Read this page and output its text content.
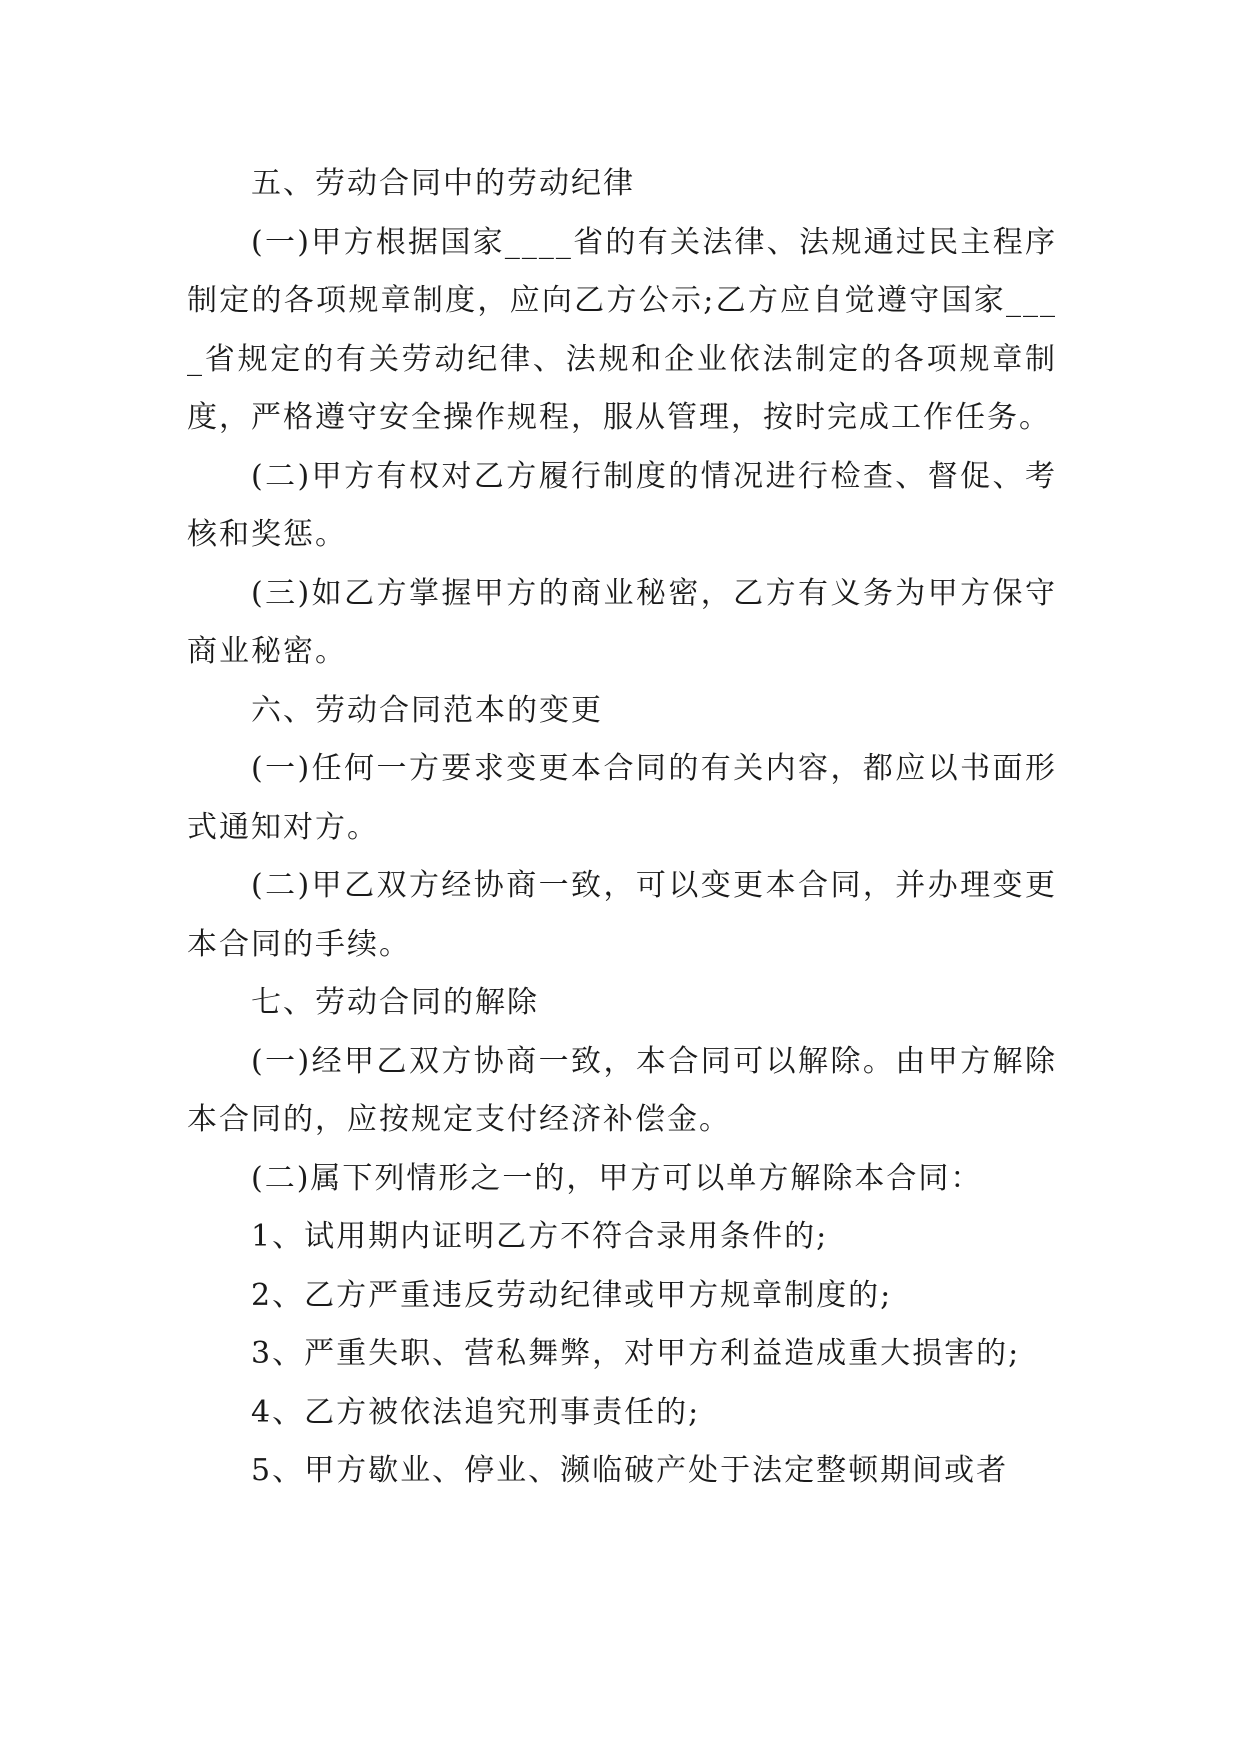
五、劳动合同中的劳动纪律

(一)甲方根据国家____省的有关法律、法规通过民主程序制定的各项规章制度，应向乙方公示;乙方应自觉遵守国家____省规定的有关劳动纪律、法规和企业依法制定的各项规章制度，严格遵守安全操作规程，服从管理，按时完成工作任务。

(二)甲方有权对乙方履行制度的情况进行检查、督促、考核和奖惩。

(三)如乙方掌握甲方的商业秘密，乙方有义务为甲方保守商业秘密。

六、劳动合同范本的变更

(一)任何一方要求变更本合同的有关内容，都应以书面形式通知对方。

(二)甲乙双方经协商一致，可以变更本合同，并办理变更本合同的手续。

七、劳动合同的解除

(一)经甲乙双方协商一致，本合同可以解除。由甲方解除本合同的，应按规定支付经济补偿金。

(二)属下列情形之一的，甲方可以单方解除本合同：

1、试用期内证明乙方不符合录用条件的;

2、乙方严重违反劳动纪律或甲方规章制度的;

3、严重失职、营私舞弊，对甲方利益造成重大损害的;

4、乙方被依法追究刑事责任的;

5、甲方歇业、停业、濒临破产处于法定整顿期间或者
